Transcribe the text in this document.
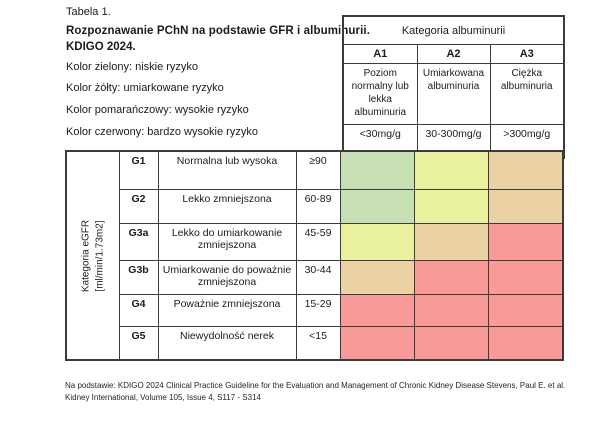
Tabela 1.
Rozpoznawanie PChN na podstawie GFR i albuminurii.
KDIGO 2024.
Kolor zielony: niskie ryzyko
Kolor żółty: umiarkowane ryzyko
Kolor pomarańczowy: wysokie ryzyko
Kolor czerwony: bardzo wysokie ryzyko
Kategoria albuminurii		
A1	A2	A3
Poziom normalny lub lekka albuminuria	Umiarkowana albuminuria	Ciężka albuminuria
<30mg/g	30-300mg/g	>300mg/g
Kategoria eGFR [ml/min/1.73m2]	G1	Normalna lub wysoka	≥90			
	G2	Lekko zmniejszona	60-89			
	G3a	Lekko do umiarkowanie zmniejszona	45-59			
	G3b	Umiarkowanie do poważnie zmniejszona	30-44			
	G4	Poważnie zmniejszona	15-29			
	G5	Niewydolność nerek	<15			
Na podstawie: KDIGO 2024 Clinical Practice Guideline for the Evaluation and Management of Chronic Kidney Disease Stevens, Paul E. et al.
Kidney International, Volume 105, Issue 4, S117 - S314
